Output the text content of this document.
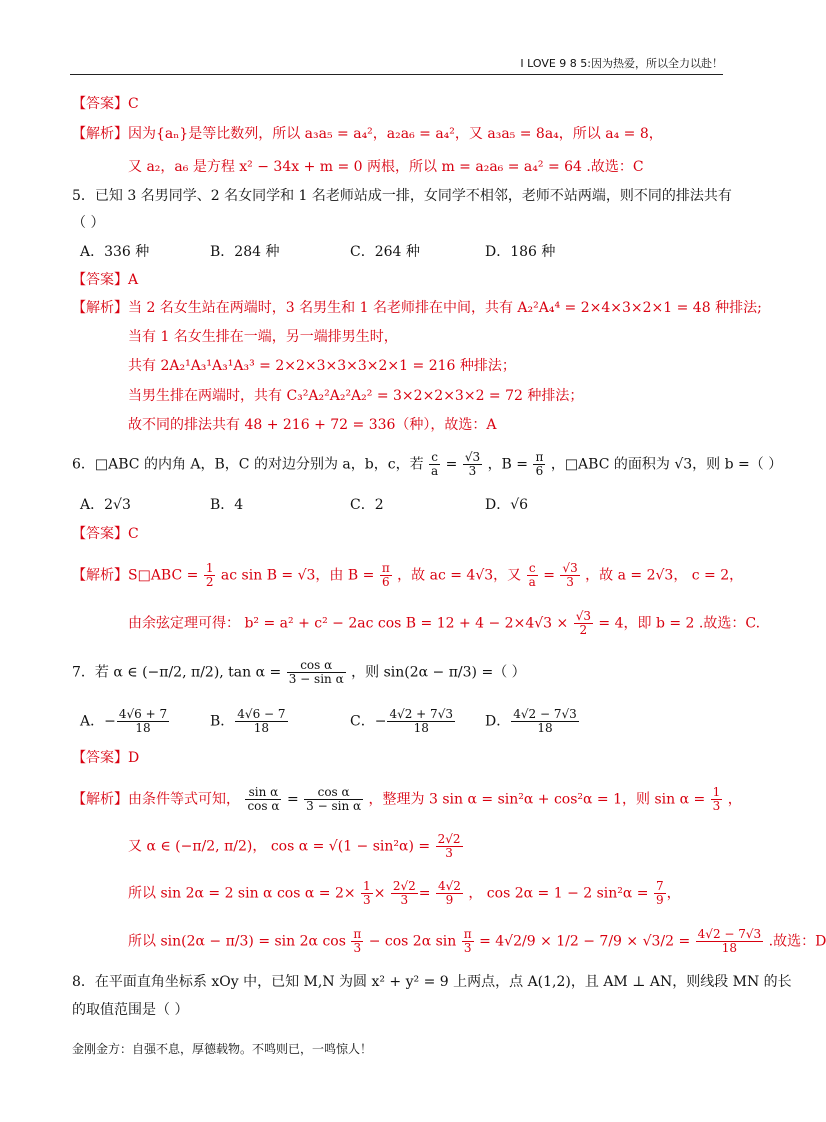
I LOVE 9 8 5:因为热爱，所以全力以赴！
【答案】C
【解析】因为{aₙ}是等比数列，所以 a₃a₅ = a₄²，a₂a₆ = a₄²，又 a₃a₅ = 8a₄，所以 a₄ = 8，
又 a₂，a₆ 是方程 x² − 34x + m = 0 两根，所以 m = a₂a₆ = a₄² = 64 .故选：C
5．已知 3 名男同学、2 名女同学和 1 名老师站成一排，女同学不相邻，老师不站两端，则不同的排法共有
（ ）
A．336 种	B．284 种	C．264 种	D．186 种
【答案】A
【解析】当 2 名女生站在两端时，3 名男生和 1 名老师排在中间，共有 A₂²A₄⁴ = 2×4×3×2×1 = 48 种排法;
当有 1 名女生排在一端，另一端排男生时，
共有 2A₂¹A₃¹A₃¹A₃³ = 2×2×3×3×3×2×1 = 216 种排法；
当男生排在两端时，共有 C₃²A₂²A₂²A₂² = 3×2×2×3×2 = 72 种排法；
故不同的排法共有 48 + 216 + 72 = 336（种），故选：A
6．□ABC 的内角 A，B，C 的对边分别为 a，b，c，若 $\frac{c}{a} = \frac{√3}{3}$ ，$B = \frac{\pi}{6}$ ，□ABC 的面积为 √3，则 b =（ ）
A．2√3	B．4	C．2	D．√6
【答案】C
【解析】S□ABC = $\frac{1}{2}$ ac sin B = √3，由 $B = \frac{\pi}{6}$ ，故 ac = 4√3，又 $\frac{c}{a} = \frac{√3}{3}$ ，故 a = 2√3， c = 2，
由余弦定理可得： b² = a² + c² − 2ac $\cos B = 12 + 4 - 2\times 4√3 \times \frac{√3}{2} = 4$，即 b = 2 .故选：C.
7．若 α ∈ (−π/2, π/2), $\tan \alpha = \frac{\text{cos α}}{\text{3 − sin α}}$ ，则 sin(2α − π/3) =（ ）
A．− $\frac{4√6 + 7}{18}$	B． $\frac{4√6 - 7}{18}$	C．− $\frac{4√2 + 7√3}{18}$ D． $\frac{4√2 - 7√3}{18}$
【答案】D
【解析】由条件等式可知， $\frac{\text{sin α}}{\text{cos α}} = \frac{\text{cos α}}{\text{3 − sin α}}$ ，整理为 3 sin α = sin²α + cos²α = 1，则 $\sin \alpha = \frac{1}{3}$ ，
又 α ∈ (−π/2, π/2)， $\cos \alpha = √(1 - \sin^2\alpha) = \frac{2√2}{3}$
所以 sin 2α = 2 sin α $\cos \alpha = 2\times \frac{1}{3} \times \frac{2√2}{3} = \frac{4√2}{9}$ ， cos 2α = 1 − 2 $\sin^2\alpha = \frac{7}{9}$ ，
所以 sin(2α − π/3) = sin 2α $\cos \frac{\pi}{3} - \cos 2\alpha$ $\sin \frac{\pi}{3} = 4√2/9 \times 1/2 - 7/9 \times √3/2 = \frac{4√2 - 7√3}{18}$ .故选：D
8．在平面直角坐标系 xOy 中，已知 M,N 为圆 x² + y² = 9 上两点，点 A(1,2)，且 AM ⊥ AN，则线段 MN 的长
的取值范围是（ ）
金刚金方：自强不息，厚德载物。不鸣则已，一鸣惊人！
